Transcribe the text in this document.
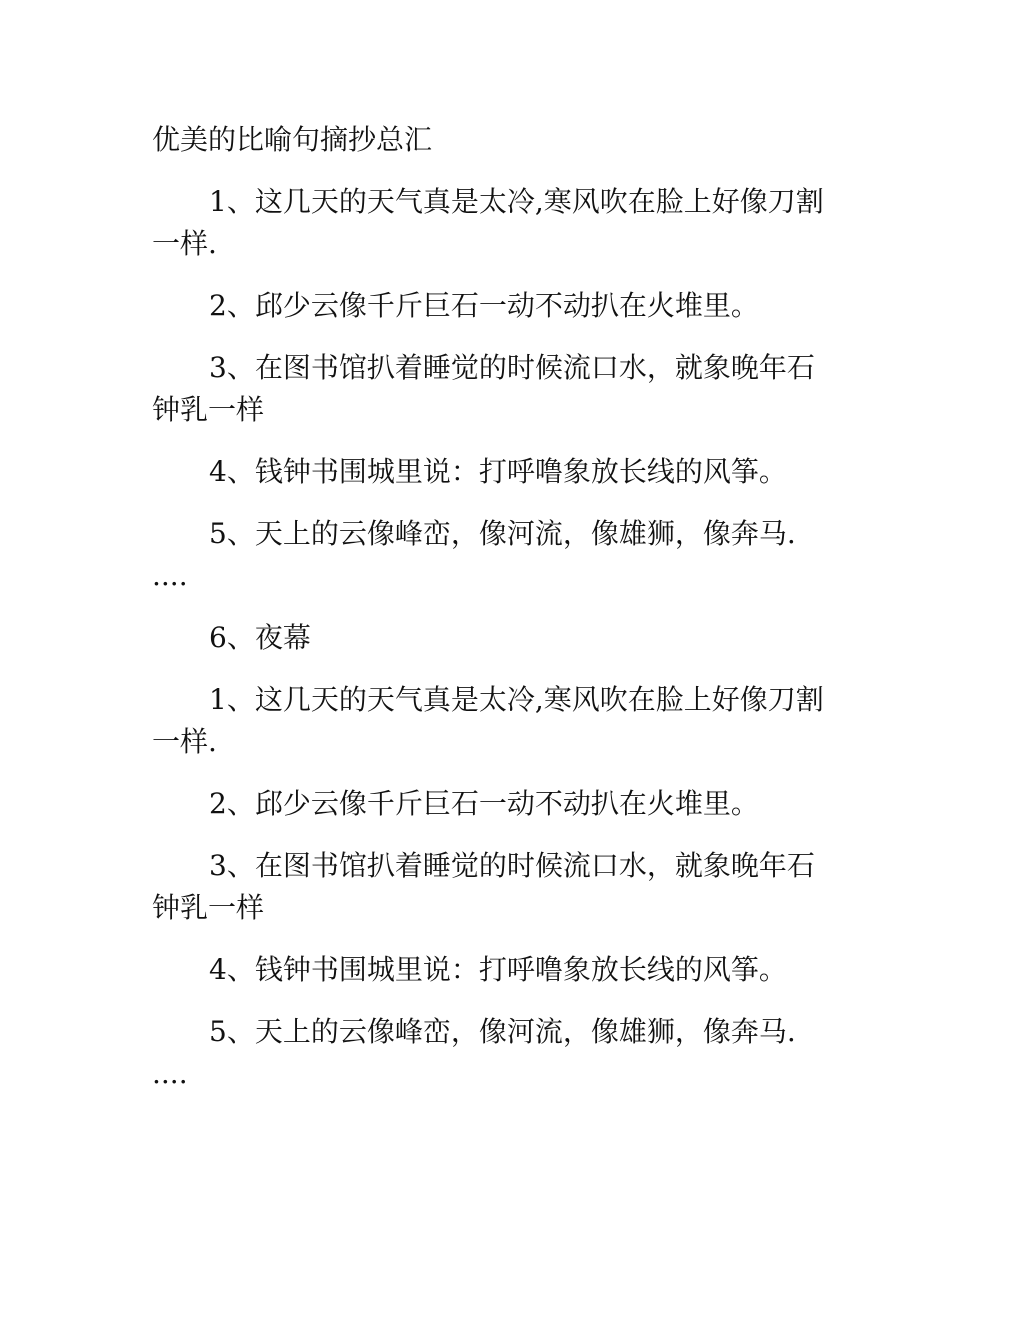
优美的比喻句摘抄总汇

1、这几天的天气真是太冷,寒风吹在脸上好像刀割
一样.

2、邱少云像千斤巨石一动不动扒在火堆里。

3、在图书馆扒着睡觉的时候流口水，就象晚年石
钟乳一样

4、钱钟书围城里说：打呼噜象放长线的风筝。

5、天上的云像峰峦，像河流，像雄狮，像奔马.
....

6、夜幕

1、这几天的天气真是太冷,寒风吹在脸上好像刀割
一样.

2、邱少云像千斤巨石一动不动扒在火堆里。

3、在图书馆扒着睡觉的时候流口水，就象晚年石
钟乳一样

4、钱钟书围城里说：打呼噜象放长线的风筝。

5、天上的云像峰峦，像河流，像雄狮，像奔马.
....
